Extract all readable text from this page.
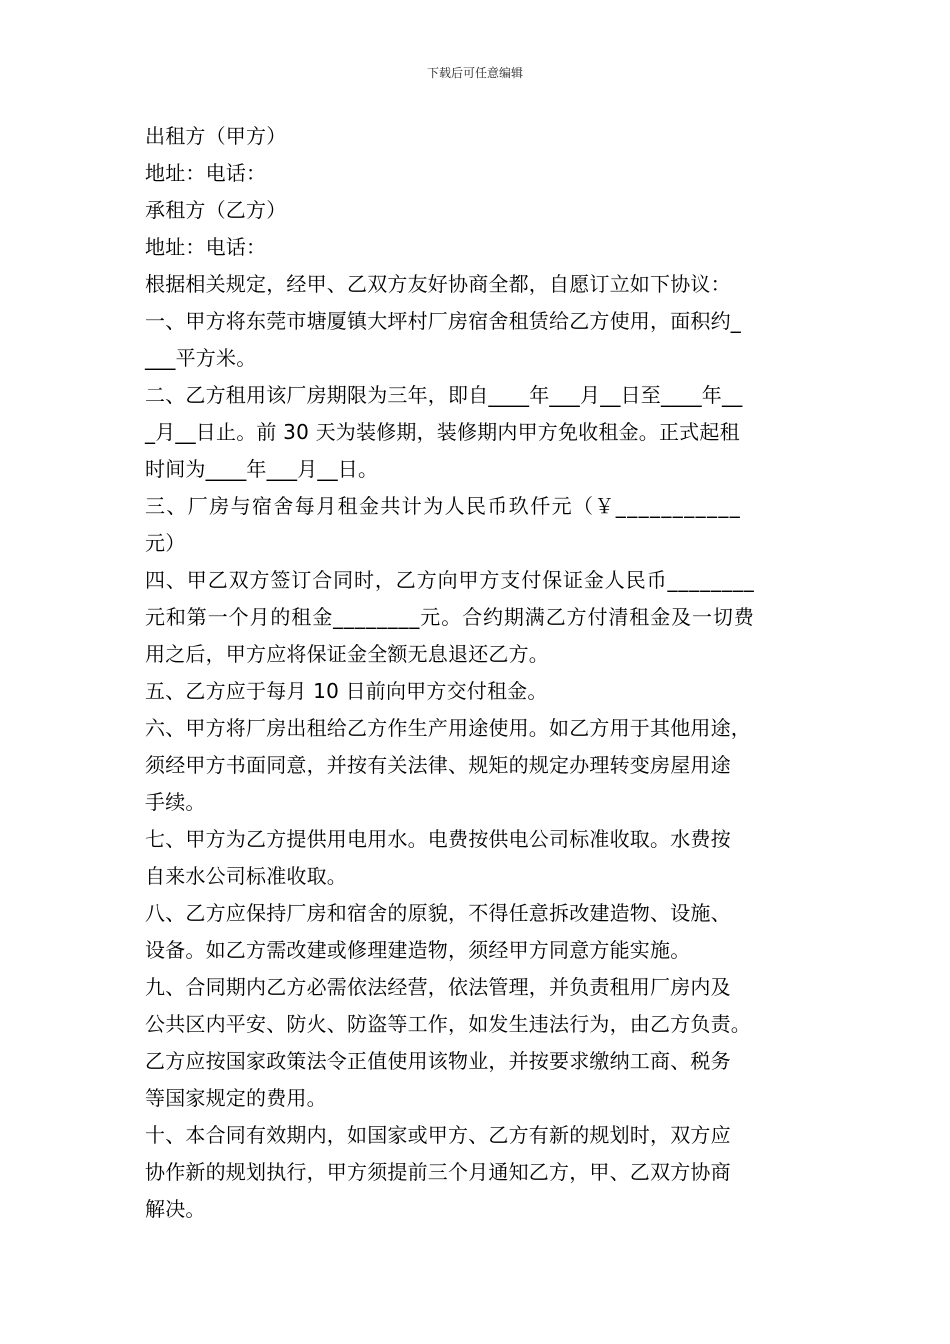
下载后可任意编辑
出租方（甲方）
地址：电话：
承租方（乙方）
地址：电话：
根据相关规定，经甲、乙双方友好协商全都，自愿订立如下协议：
一、甲方将东莞市塘厦镇大坪村厂房宿舍租赁给乙方使用，面积约_
___平方米。
二、乙方租用该厂房期限为三年，即自____年___月__日至____年__
_月__日止。前 30 天为装修期，装修期内甲方免收租金。正式起租
时间为____年___月__日。
三、厂房与宿舍每月租金共计为人民币玖仟元（￥___________
元）
四、甲乙双方签订合同时，乙方向甲方支付保证金人民币________
元和第一个月的租金________元。合约期满乙方付清租金及一切费
用之后，甲方应将保证金全额无息退还乙方。
五、乙方应于每月 10 日前向甲方交付租金。
六、甲方将厂房出租给乙方作生产用途使用。如乙方用于其他用途，
须经甲方书面同意，并按有关法律、规矩的规定办理转变房屋用途
手续。
七、甲方为乙方提供用电用水。电费按供电公司标准收取。水费按
自来水公司标准收取。
八、乙方应保持厂房和宿舍的原貌，不得任意拆改建造物、设施、
设备。如乙方需改建或修理建造物，须经甲方同意方能实施。
九、合同期内乙方必需依法经营，依法管理，并负责租用厂房内及
公共区内平安、防火、防盗等工作，如发生违法行为，由乙方负责。
乙方应按国家政策法令正值使用该物业，并按要求缴纳工商、税务
等国家规定的费用。
十、本合同有效期内，如国家或甲方、乙方有新的规划时，双方应
协作新的规划执行，甲方须提前三个月通知乙方，甲、乙双方协商
解决。
